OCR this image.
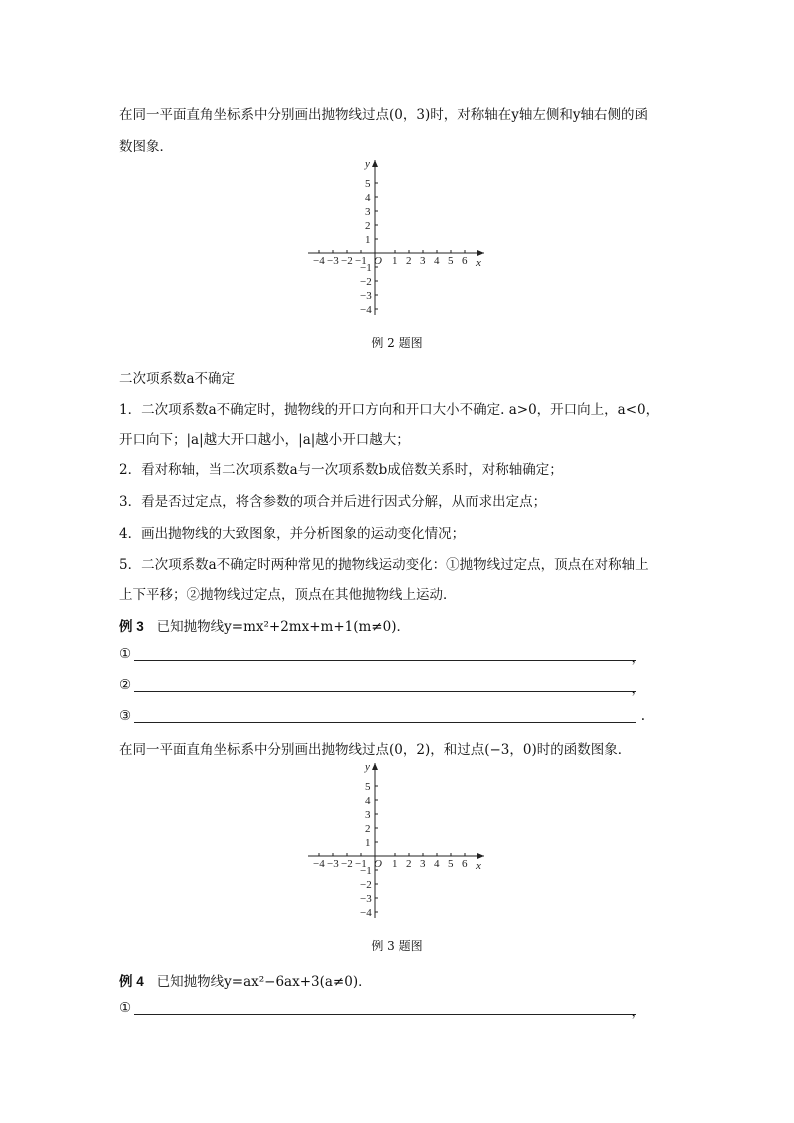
在同一平面直角坐标系中分别画出抛物线过点(0，3)时，对称轴在y轴左侧和y轴右侧的函
数图象．
y
x
O
−4 −3 −2 −1 1 2 3 4 5 6
5
4
3
2
1
−1
−2
−3
−4
例 2 题图
二次项系数a不确定
1．二次项系数a不确定时，抛物线的开口方向和开口大小不确定. a>0，开口向上，a<0，
开口向下；|a|越大开口越小，|a|越小开口越大；
2．看对称轴，当二次项系数a与一次项系数b成倍数关系时，对称轴确定；
3．看是否过定点，将含参数的项合并后进行因式分解，从而求出定点；
4．画出抛物线的大致图象，并分析图象的运动变化情况；
5．二次项系数a不确定时两种常见的抛物线运动变化：①抛物线过定点，顶点在对称轴上
上下平移；②抛物线过定点，顶点在其他抛物线上运动．
例 3 已知抛物线y=mx²+2mx+m+1(m≠0)．
①	，
②	，
③	.
在同一平面直角坐标系中分别画出抛物线过点(0，2)，和过点(−3，0)时的函数图象．
y
x
O
−4 −3 −2 −1 1 2 3 4 5 6
5
4
3
2
1
−1
−2
−3
−4
例 3 题图
例 4 已知抛物线y=ax²−6ax+3(a≠0)．
①	，
